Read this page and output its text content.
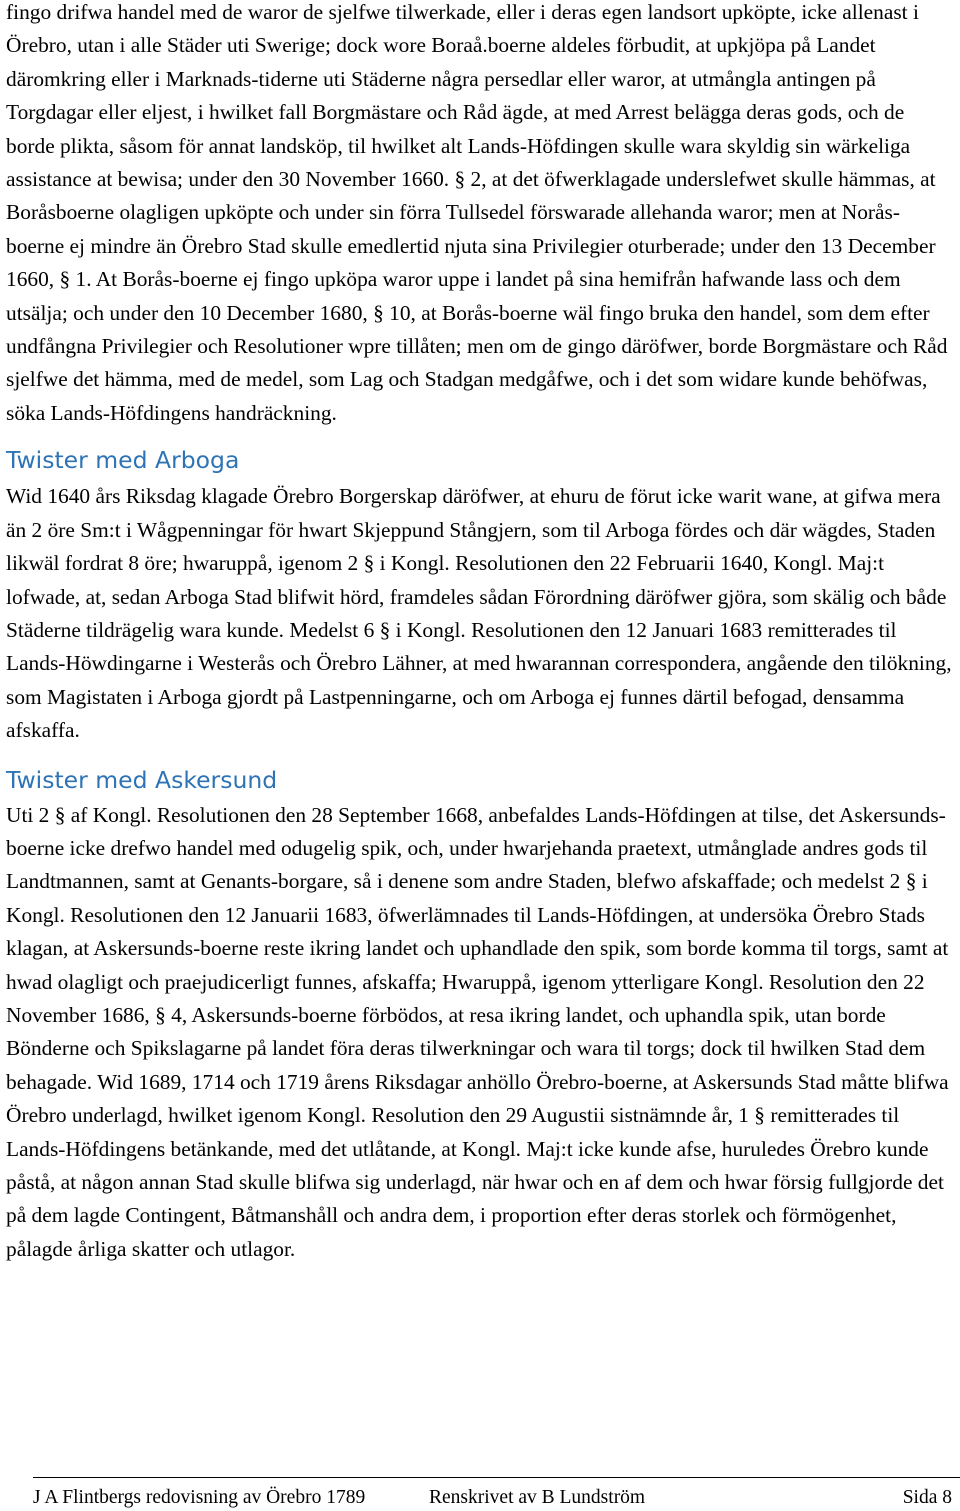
fingo drifwa handel med de waror de sjelfwe tilwerkade, eller i deras egen landsort upköpte, icke allenast i Örebro, utan i alle Städer uti Swerige; dock wore Boraå.boerne aldeles förbudit, at upkjöpa på Landet däromkring eller i Marknads-tiderne uti Städerne några persedlar eller waror, at utmångla antingen på Torgdagar eller eljest, i hwilket fall Borgmästare och Råd ägde, at med Arrest belägga deras gods, och de borde plikta, såsom för annat landsköp, til hwilket alt Lands-Höfdingen skulle wara skyldig sin wärkeliga assistance at bewisa; under den 30 November 1660. § 2, at det öfwerklagade underslefwet skulle hämmas, at Boråsboerne olagligen upköpte och under sin förra Tullsedel förswarade allehanda waror; men at Norås-boerne ej mindre än Örebro Stad skulle emedlertid njuta sina Privilegier oturberade; under den 13 December 1660, § 1. At Borås-boerne ej fingo upköpa waror uppe i landet på sina hemifrån hafwande lass och dem utsälja; och under den 10 December 1680, § 10, at Borås-boerne wäl fingo bruka den handel, som dem efter undfångna Privilegier och Resolutioner wpre tillåten; men om de gingo däröfwer, borde Borgmästare och Råd sjelfwe det hämma, med de medel, som Lag och Stadgan medgåfwe, och i det som widare kunde behöfwas, söka Lands-Höfdingens handräckning.

Twister med Arboga

Wid 1640 års Riksdag klagade Örebro Borgerskap däröfwer, at ehuru de förut icke warit wane, at gifwa mera än 2 öre Sm:t i Wågpenningar för hwart Skjeppund Stångjern, som til Arboga fördes och där wägdes, Staden likwäl fordrat 8 öre; hwaruppå, igenom 2 § i Kongl. Resolutionen den 22 Februarii 1640, Kongl. Maj:t lofwade, at, sedan Arboga Stad blifwit hörd, framdeles sådan Förordning däröfwer gjöra, som skälig och både Städerne tildrägelig wara kunde. Medelst 6 § i Kongl. Resolutionen den 12 Januari 1683 remitterades til Lands-Höwdingarne i Westerås och Örebro Lähner, at med hwarannan correspondera, angående den tilökning, som Magistaten i Arboga gjordt på Lastpenningarne, och om Arboga ej funnes därtil befogad, densamma afskaffa.

Twister med Askersund

Uti 2 § af Kongl. Resolutionen den 28 September 1668, anbefaldes Lands-Höfdingen at tilse, det Askersunds-boerne icke drefwo handel med odugelig spik, och, under hwarjehanda praetext, utmånglade andres gods til Landtmannen, samt at Genants-borgare, så i denene som andre Staden, blefwo afskaffade; och medelst 2 § i Kongl. Resolutionen den 12 Januarii 1683, öfwerlämnades til Lands-Höfdingen, at undersöka Örebro Stads klagan, at Askersunds-boerne reste ikring landet och uphandlade den spik, som borde komma til torgs, samt at hwad olagligt och praejudicerligt funnes, afskaffa; Hwaruppå, igenom ytterligare Kongl. Resolution den 22 November 1686, § 4, Askersunds-boerne förbödos, at resa ikring landet, och uphandla spik, utan borde Bönderne och Spikslagarne på landet föra deras tilwerkningar och wara til torgs; dock til hwilken Stad dem behagade. Wid 1689, 1714 och 1719 årens Riksdagar anhöllo Örebro-boerne, at Askersunds Stad måtte blifwa Örebro underlagd, hwilket igenom Kongl. Resolution den 29 Augustii sistnämnde år, 1 § remitterades til Lands-Höfdingens betänkande, med det utlåtande, at Kongl. Maj:t icke kunde afse, huruledes Örebro kunde påstå, at någon annan Stad skulle blifwa sig underlagd, när hwar och en af dem och hwar försig fullgjorde det på dem lagde Contingent, Båtmanshåll och andra dem, i proportion efter deras storlek och förmögenhet, pålagde årliga skatter och utlagor.

J A Flintbergs redovisning av Örebro 1789	Renskrivet av B Lundström	Sida 8
